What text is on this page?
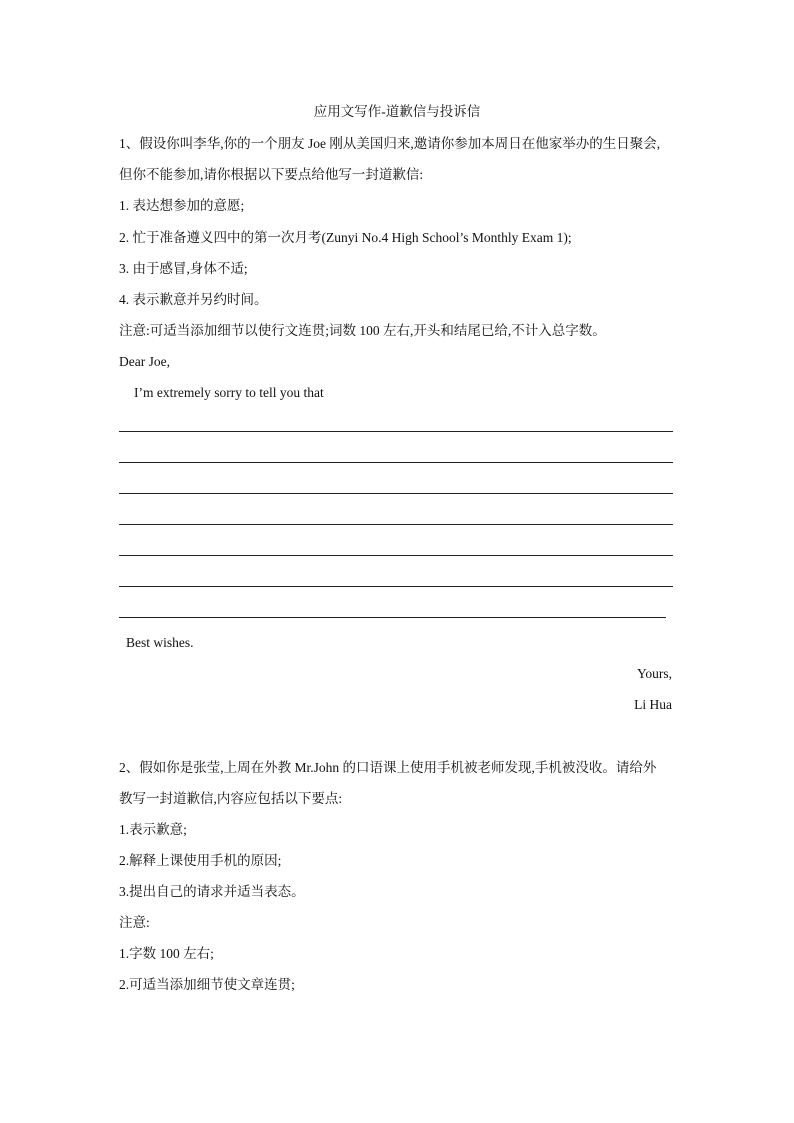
应用文写作-道歉信与投诉信
1、假设你叫李华,你的一个朋友 Joe 刚从美国归来,邀请你参加本周日在他家举办的生日聚会,
但你不能参加,请你根据以下要点给他写一封道歉信:
1. 表达想参加的意愿;
2. 忙于准备遵义四中的第一次月考(Zunyi No.4 High School’s Monthly Exam 1);
3. 由于感冒,身体不适;
4. 表示歉意并另约时间。
注意:可适当添加细节以使行文连贯;词数 100 左右,开头和结尾已给,不计入总字数。
Dear Joe,
I’m extremely sorry to tell you that
Best wishes.
Yours,
Li Hua
2、假如你是张莹,上周在外教 Mr.John 的口语课上使用手机被老师发现,手机被没收。请给外
教写一封道歉信,内容应包括以下要点:
1.表示歉意;
2.解释上课使用手机的原因;
3.提出自己的请求并适当表态。
注意:
1.字数 100 左右;
2.可适当添加细节使文章连贯;
